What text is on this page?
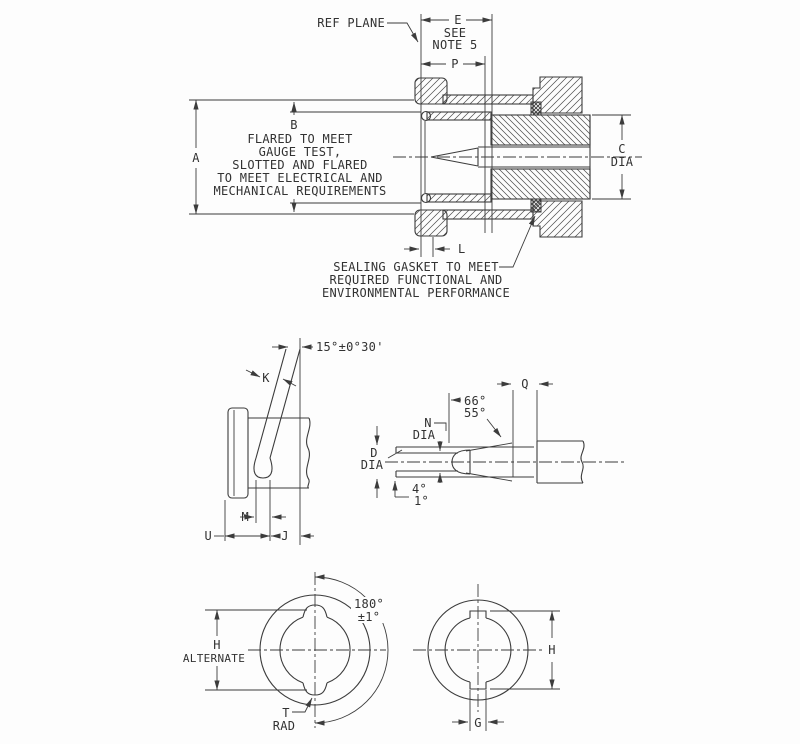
REF PLANE	E
SEE
NOTE 5
P
A
B
FLARED TO MEET
GAUGE TEST,
SLOTTED AND FLARED
TO MEET ELECTRICAL AND
MECHANICAL REQUIREMENTS
C
DIA
L
SEALING GASKET TO MEET
REQUIRED FUNCTIONAL AND
ENVIRONMENTAL PERFORMANCE
15°±0°30'
K
M
U	J
Q
66°
55°
N
DIA
D
DIA
4°
1°
H
ALTERNATE
180°
±1°
T
RAD	G
H
